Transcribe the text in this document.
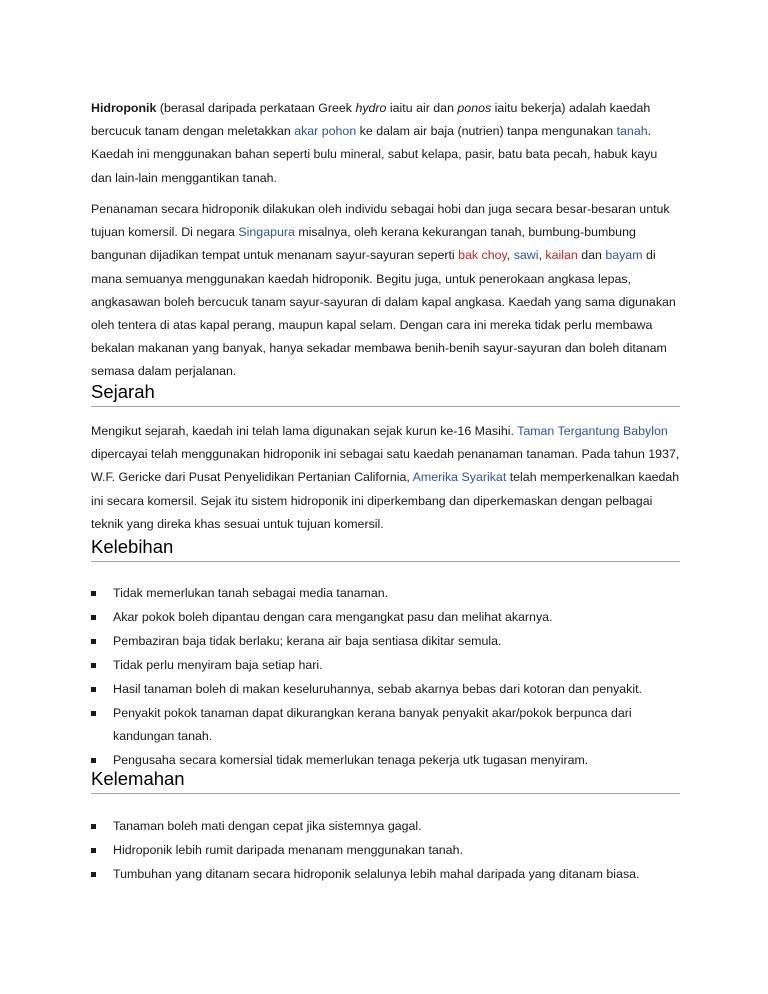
Hidroponik (berasal daripada perkataan Greek hydro iaitu air dan ponos iaitu bekerja) adalah kaedah bercucuk tanam dengan meletakkan akar pohon ke dalam air baja (nutrien) tanpa mengunakan tanah. Kaedah ini menggunakan bahan seperti bulu mineral, sabut kelapa, pasir, batu bata pecah, habuk kayu dan lain-lain menggantikan tanah.

Penanaman secara hidroponik dilakukan oleh individu sebagai hobi dan juga secara besar-besaran untuk tujuan komersil. Di negara Singapura misalnya, oleh kerana kekurangan tanah, bumbung-bumbung bangunan dijadikan tempat untuk menanam sayur-sayuran seperti bak choy, sawi, kailan dan bayam di mana semuanya menggunakan kaedah hidroponik. Begitu juga, untuk penerokaan angkasa lepas, angkasawan boleh bercucuk tanam sayur-sayuran di dalam kapal angkasa. Kaedah yang sama digunakan oleh tentera di atas kapal perang, maupun kapal selam. Dengan cara ini mereka tidak perlu membawa bekalan makanan yang banyak, hanya sekadar membawa benih-benih sayur-sayuran dan boleh ditanam semasa dalam perjalanan.

Sejarah

Mengikut sejarah, kaedah ini telah lama digunakan sejak kurun ke-16 Masihi. Taman Tergantung Babylon dipercayai telah menggunakan hidroponik ini sebagai satu kaedah penanaman tanaman. Pada tahun 1937, W.F. Gericke dari Pusat Penyelidikan Pertanian California, Amerika Syarikat telah memperkenalkan kaedah ini secara komersil. Sejak itu sistem hidroponik ini diperkembang dan diperkemaskan dengan pelbagai teknik yang direka khas sesuai untuk tujuan komersil.

Kelebihan
Tidak memerlukan tanah sebagai media tanaman.
Akar pokok boleh dipantau dengan cara mengangkat pasu dan melihat akarnya.
Pembaziran baja tidak berlaku; kerana air baja sentiasa dikitar semula.
Tidak perlu menyiram baja setiap hari.
Hasil tanaman boleh di makan keseluruhannya, sebab akarnya bebas dari kotoran dan penyakit.
Penyakit pokok tanaman dapat dikurangkan kerana banyak penyakit akar/pokok berpunca dari kandungan tanah.
Pengusaha secara komersial tidak memerlukan tenaga pekerja utk tugasan menyiram.
Kelemahan
Tanaman boleh mati dengan cepat jika sistemnya gagal.
Hidroponik lebih rumit daripada menanam menggunakan tanah.
Tumbuhan yang ditanam secara hidroponik selalunya lebih mahal daripada yang ditanam biasa.
